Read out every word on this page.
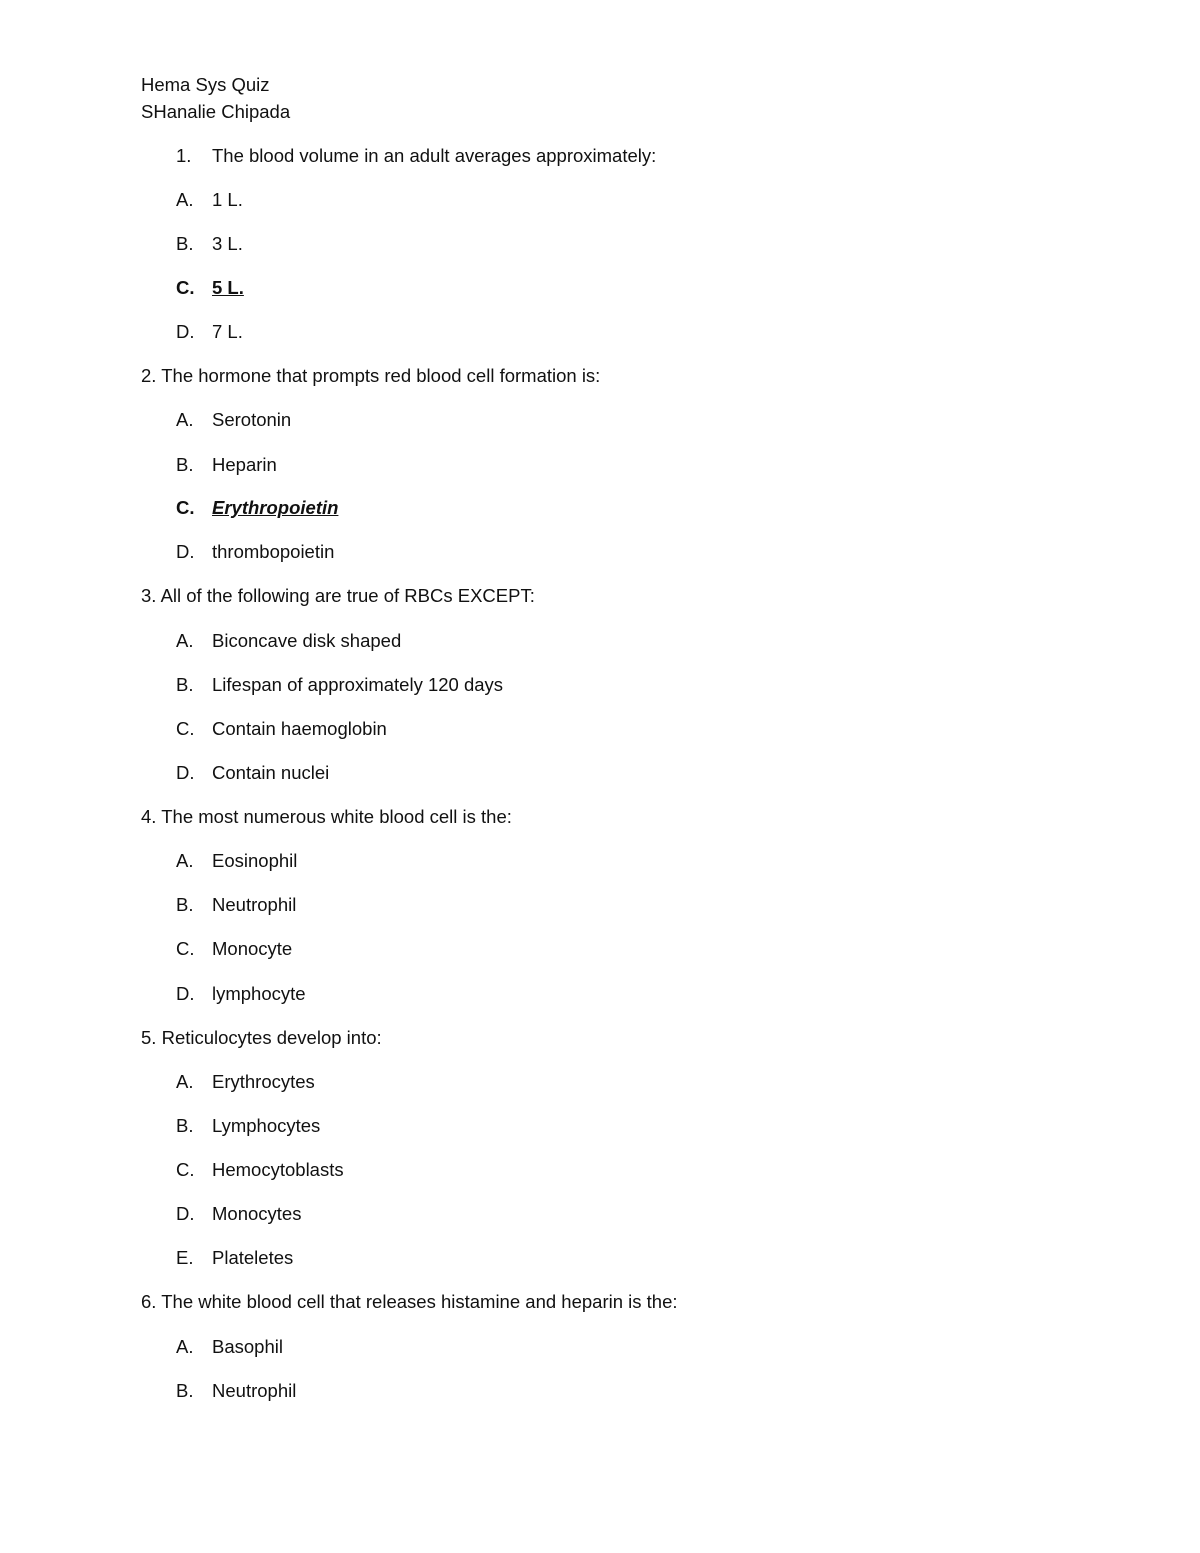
Hema Sys Quiz
SHanalie Chipada
1. The blood volume in an adult averages approximately:
A. 1 L.
B. 3 L.
C. 5 L.
D. 7 L.
2. The hormone that prompts red blood cell formation is:
A. Serotonin
B. Heparin
C. Erythropoietin
D. thrombopoietin
3. All of the following are true of RBCs EXCEPT:
A. Biconcave disk shaped
B. Lifespan of approximately 120 days
C. Contain haemoglobin
D. Contain nuclei
4. The most numerous white blood cell is the:
A. Eosinophil
B. Neutrophil
C. Monocyte
D. lymphocyte
5. Reticulocytes develop into:
A. Erythrocytes
B. Lymphocytes
C. Hemocytoblasts
D. Monocytes
E. Plateletes
6. The white blood cell that releases histamine and heparin is the:
A. Basophil
B. Neutrophil
